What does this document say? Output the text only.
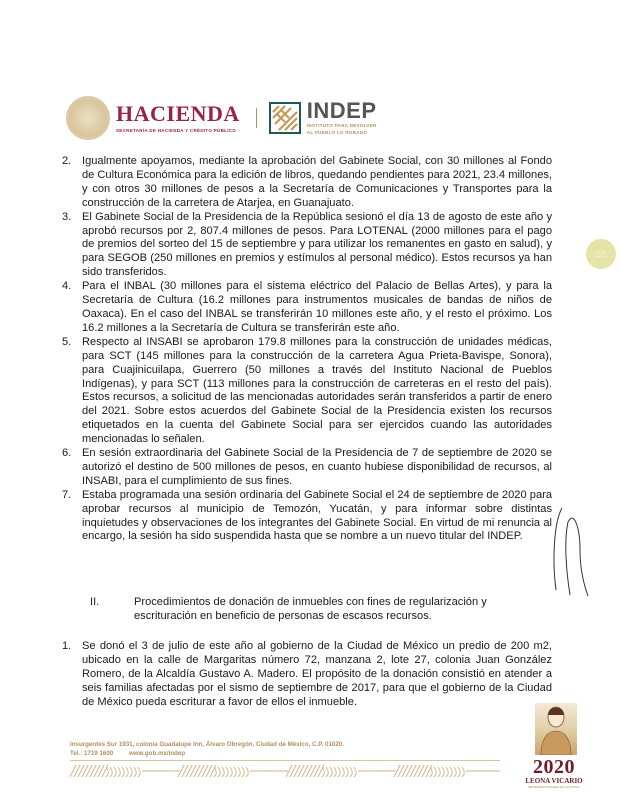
HACIENDA
SECRETARÍA DE HACIENDA Y CRÉDITO PÚBLICO
INDEP
INSTITUTO PARA DEVOLVER
AL PUEBLO LO ROBADO
2/5
2. Igualmente apoyamos, mediante la aprobación del Gabinete Social, con 30 millones al Fondo de Cultura Económica para la edición de libros, quedando pendientes para 2021, 23.4 millones, y con otros 30 millones de pesos a la Secretaría de Comunicaciones y Transportes para la construcción de la carretera de Atarjea, en Guanajuato.
3. El Gabinete Social de la Presidencia de la República sesionó el día 13 de agosto de este año y aprobó recursos por 2, 807.4 millones de pesos. Para LOTENAL (2000 millones para el pago de premios del sorteo del 15 de septiembre y para utilizar los remanentes en gasto en salud), y para SEGOB (250 millones en premios y estímulos al personal médico). Estos recursos ya han sido transferidos.
4. Para el INBAL (30 millones para el sistema eléctrico del Palacio de Bellas Artes), y para la Secretaría de Cultura (16.2 millones para instrumentos musicales de bandas de niños de Oaxaca). En el caso del INBAL se transferirán 10 millones este año, y el resto el próximo. Los 16.2 millones a la Secretaría de Cultura se transferirán este año.
5. Respecto al INSABI se aprobaron 179.8 millones para la construcción de unidades médicas, para SCT (145 millones para la construcción de la carretera Agua Prieta-Bavispe, Sonora), para Cuajinicuilapa, Guerrero (50 millones a través del Instituto Nacional de Pueblos Indígenas), y para SCT (113 millones para la construcción de carreteras en el resto del país). Estos recursos, a solicitud de las mencionadas autoridades serán transferidos a partir de enero del 2021. Sobre estos acuerdos del Gabinete Social de la Presidencia existen los recursos etiquetados en la cuenta del Gabinete Social para ser ejercidos cuando las autoridades mencionadas lo señalen.
6. En sesión extraordinaria del Gabinete Social de la Presidencia de 7 de septiembre de 2020 se autorizó el destino de 500 millones de pesos, en cuanto hubiese disponibilidad de recursos, al INSABI, para el cumplimiento de sus fines.
7. Estaba programada una sesión ordinaria del Gabinete Social el 24 de septiembre de 2020 para aprobar recursos al municipio de Temozón, Yucatán, y para informar sobre distintas inquietudes y observaciones de los integrantes del Gabinete Social. En virtud de mi renuncia al encargo, la sesión ha sido suspendida hasta que se nombre a un nuevo titular del INDEP.
II.	Procedimientos de donación de inmuebles con fines de regularización y escrituración en beneficio de personas de escasos recursos.
1. Se donó el 3 de julio de este año al gobierno de la Ciudad de México un predio de 200 m2, ubicado en la calle de Margaritas número 72, manzana 2, lote 27, colonia Juan González Romero, de la Alcaldía Gustavo A. Madero. El propósito de la donación consistió en atender a seis familias afectadas por el sismo de septiembre de 2017, para que el gobierno de la Ciudad de México pueda escriturar a favor de ellos el inmueble.
Insurgentes Sur 1931, colonia Guadalupe Inn, Álvaro Obregón, Ciudad de México, C.P. 01020.
Tel.: 1719 1600	www.gob.mx/indep
2020
LEONA VICARIO
BENEMÉRITA MADRE DE LA PATRIA
